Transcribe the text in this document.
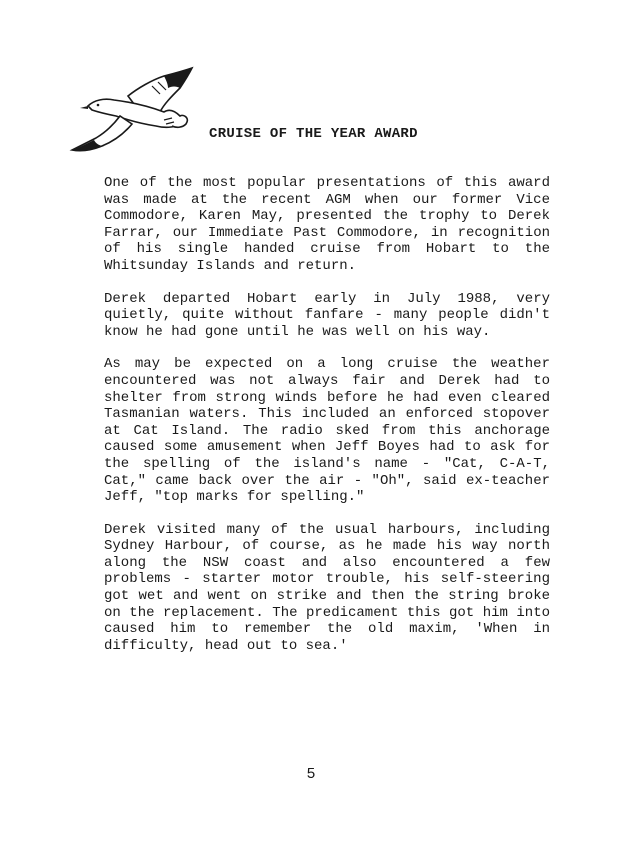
CRUISE OF THE YEAR AWARD

One of the most popular presentations of this award was made at the recent AGM when our former Vice Commodore, Karen May, presented the trophy to Derek Farrar, our Immediate Past Commodore, in recognition of his single handed cruise from Hobart to the Whitsunday Islands and return.

Derek departed Hobart early in July 1988, very quietly, quite without fanfare - many people didn't know he had gone until he was well on his way.

As may be expected on a long cruise the weather encountered was not always fair and Derek had to shelter from strong winds before he had even cleared Tasmanian waters. This included an enforced stopover at Cat Island. The radio sked from this anchorage caused some amusement when Jeff Boyes had to ask for the spelling of the island's name - "Cat, C-A-T, Cat," came back over the air - "Oh", said ex-teacher Jeff, "top marks for spelling."

Derek visited many of the usual harbours, including Sydney Harbour, of course, as he made his way north along the NSW coast and also encountered a few problems - starter motor trouble, his self-steering got wet and went on strike and then the string broke on the replacement. The predicament this got him into caused him to remember the old maxim, 'When in difficulty, head out to sea.'

5
